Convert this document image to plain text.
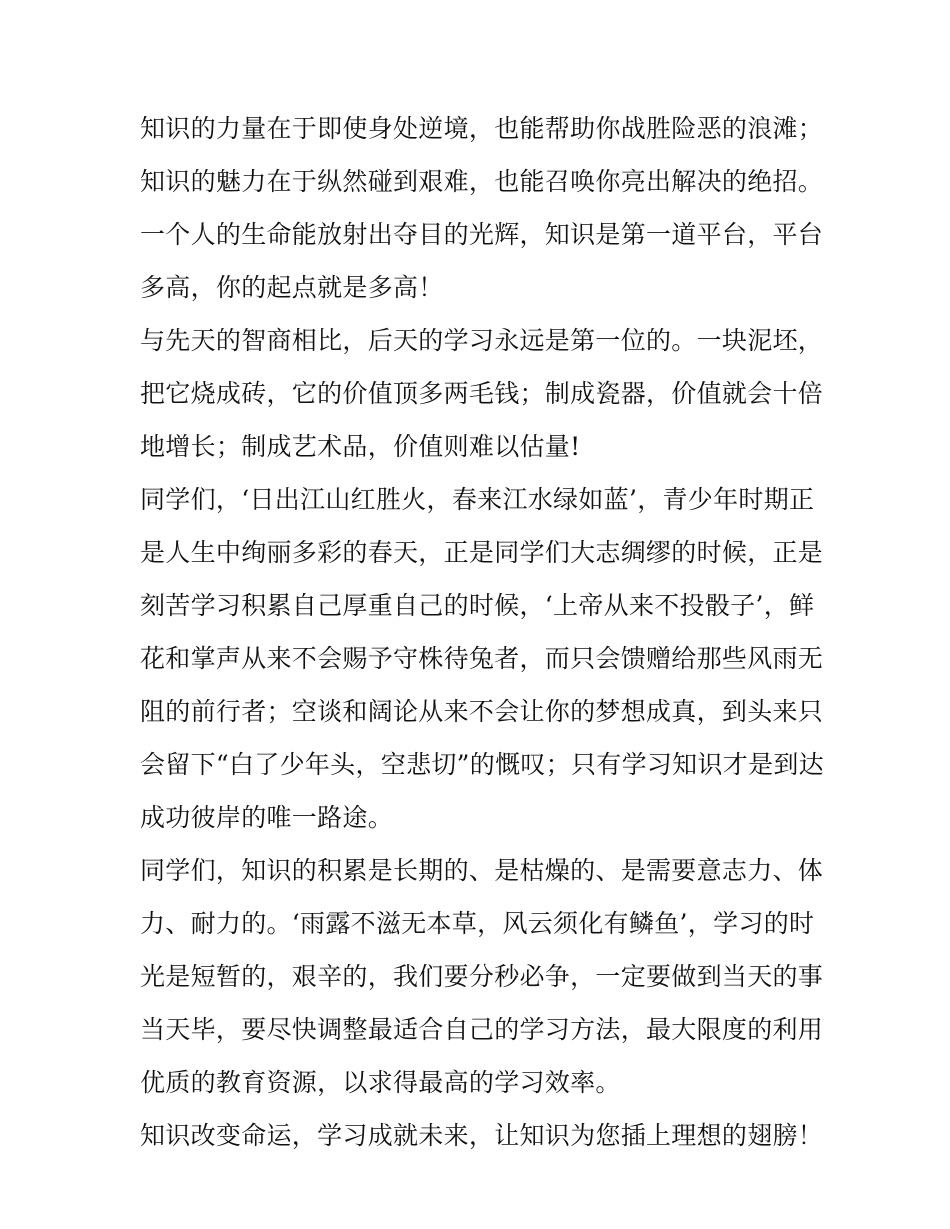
知识的力量在于即使身处逆境，也能帮助你战胜险恶的浪滩；
知识的魅力在于纵然碰到艰难，也能召唤你亮出解决的绝招。
一个人的生命能放射出夺目的光辉，知识是第一道平台，平台
多高，你的起点就是多高！
与先天的智商相比，后天的学习永远是第一位的。一块泥坯，
把它烧成砖，它的价值顶多两毛钱；制成瓷器，价值就会十倍
地增长；制成艺术品，价值则难以估量!
同学们，‘日出江山红胜火，春来江水绿如蓝’，青少年时期正
是人生中绚丽多彩的春天，正是同学们大志绸缪的时候，正是
刻苦学习积累自己厚重自己的时候，‘上帝从来不投骰子’，鲜
花和掌声从来不会赐予守株待兔者，而只会馈赠给那些风雨无
阻的前行者；空谈和阔论从来不会让你的梦想成真，到头来只
会留下“白了少年头，空悲切”的慨叹；只有学习知识才是到达
成功彼岸的唯一路途。
同学们，知识的积累是长期的、是枯燥的、是需要意志力、体
力、耐力的。‘雨露不滋无本草，风云须化有鳞鱼’，学习的时
光是短暂的，艰辛的，我们要分秒必争，一定要做到当天的事
当天毕，要尽快调整最适合自己的学习方法，最大限度的利用
优质的教育资源，以求得最高的学习效率。
知识改变命运，学习成就未来，让知识为您插上理想的翅膀！
